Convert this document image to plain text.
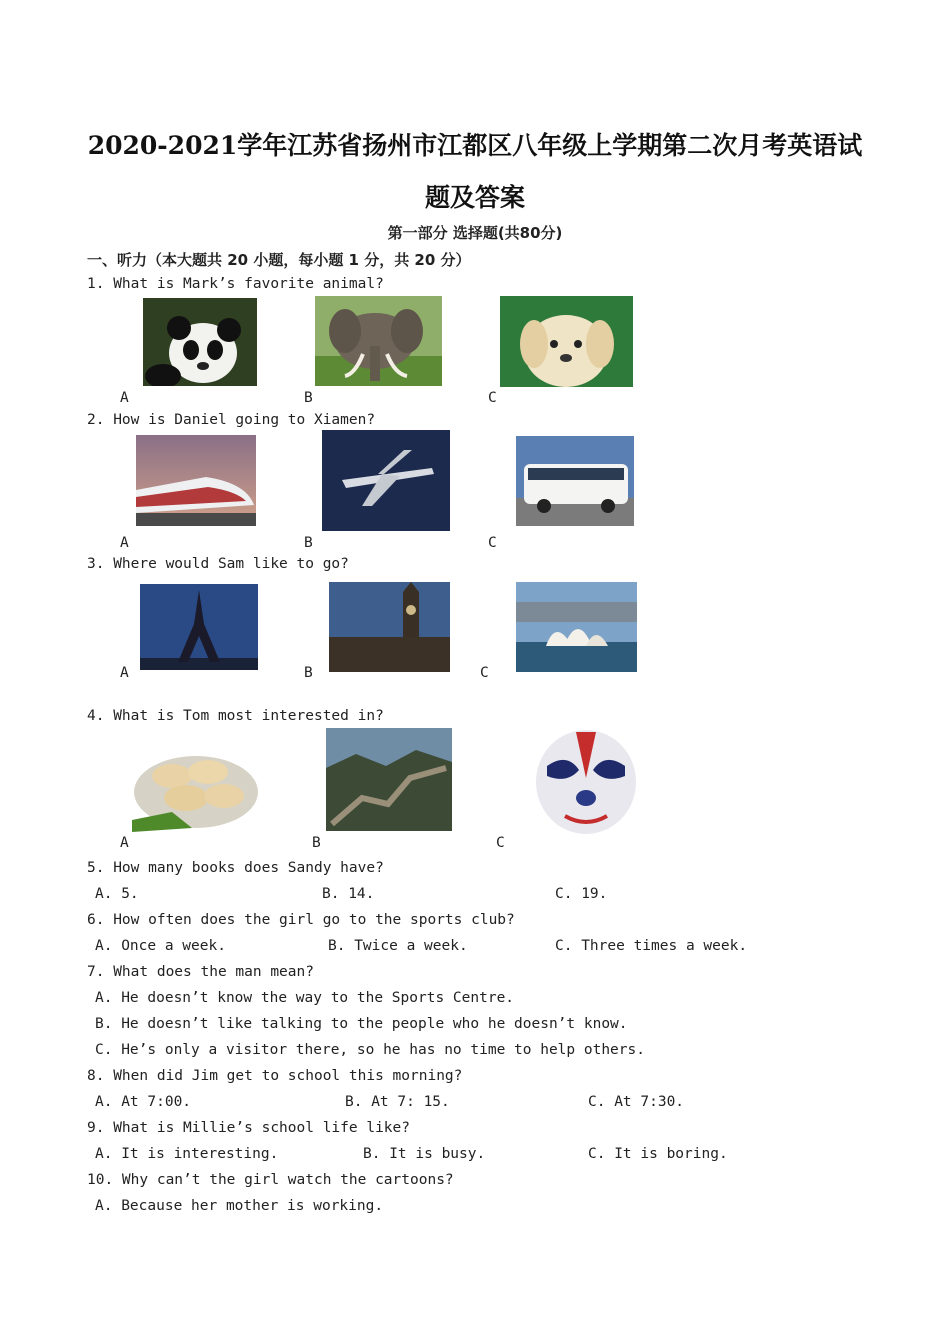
2020-2021学年江苏省扬州市江都区八年级上学期第二次月考英语试
题及答案
第一部分 选择题(共80分)
一、听力（本大题共 20 小题，每小题 1 分，共 20 分）
1. What is Mark’s favorite animal?
A	B	C
2. How is Daniel going to Xiamen?
A	B	C
3. Where would Sam like to go?
A	B	C
4. What is Tom most interested in?
A	B	C
5. How many books does Sandy have?
A. 5.	B. 14.	C. 19.
6. How often does the girl go to the sports club?
A. Once a week.	B. Twice a week.	C. Three times a week.
7. What does the man mean?
A. He doesn’t know the way to the Sports Centre.
B. He doesn’t like talking to the people who he doesn’t know.
C. He’s only a visitor there, so he has no time to help others.
8. When did Jim get to school this morning?
A. At 7:00.	B. At 7: 15.	C. At 7:30.
9. What is Millie’s school life like?
A. It is interesting.	B. It is busy.	C. It is boring.
10. Why can’t the girl watch the cartoons?
A. Because her mother is working.
